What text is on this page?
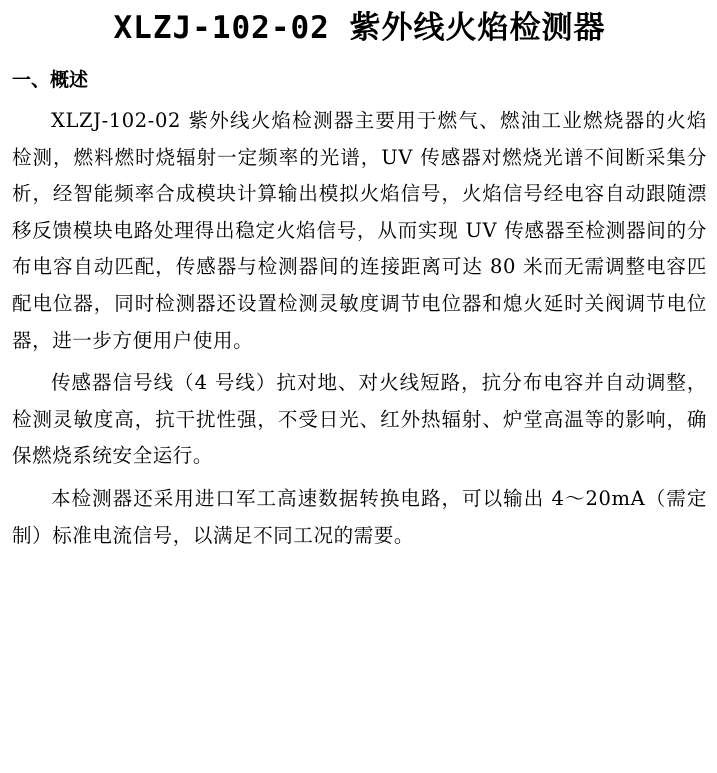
XLZJ-102-02 紫外线火焰检测器
一、概述

XLZJ-102-02 紫外线火焰检测器主要用于燃气、燃油工业燃烧器的火焰检测，燃料燃时烧辐射一定频率的光谱，UV 传感器对燃烧光谱不间断采集分析，经智能频率合成模块计算输出模拟火焰信号，火焰信号经电容自动跟随漂移反馈模块电路处理得出稳定火焰信号，从而实现 UV 传感器至检测器间的分布电容自动匹配，传感器与检测器间的连接距离可达 80 米而无需调整电容匹配电位器，同时检测器还设置检测灵敏度调节电位器和熄火延时关阀调节电位器，进一步方便用户使用。

传感器信号线（4 号线）抗对地、对火线短路，抗分布电容并自动调整，检测灵敏度高，抗干扰性强，不受日光、红外热辐射、炉堂高温等的影响，确保燃烧系统安全运行。

本检测器还采用进口军工高速数据转换电路，可以输出 4～20mA（需定制）标准电流信号，以满足不同工况的需要。
